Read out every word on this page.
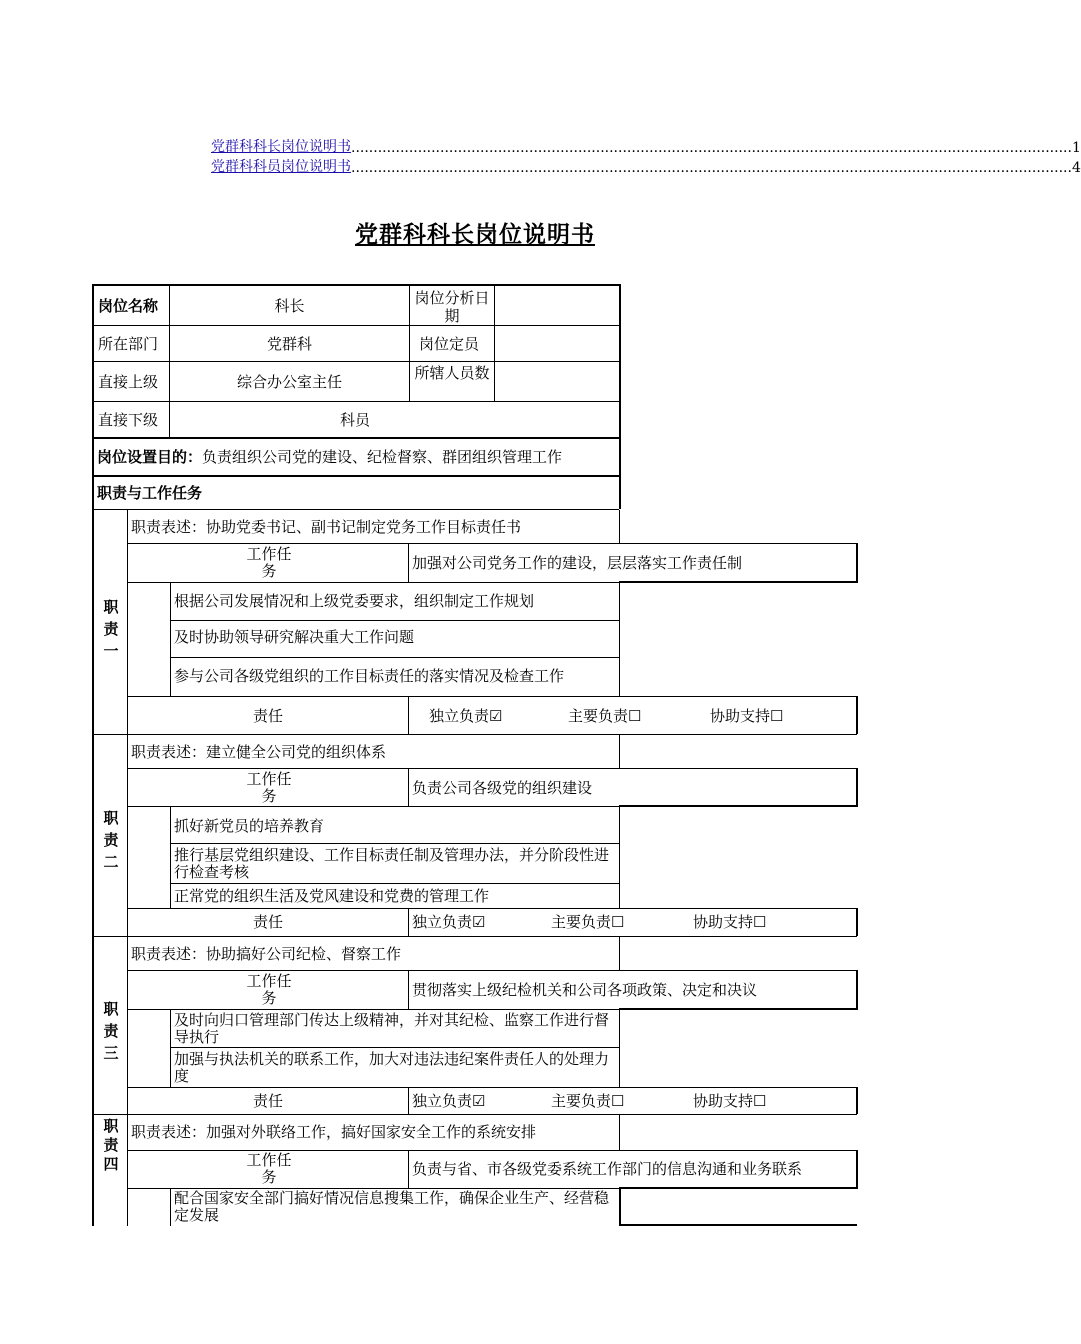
党群科科长岗位说明书 .................................................................................................................................................................. 1
党群科科员岗位说明书 .................................................................................................................................................................. 4
党群科科长岗位说明书
岗位名称	科长	岗位分析日期
所在部门	党群科	岗位定员
直接上级	综合办公室主任	所辖人员数
直接下级	科员
岗位设置目的：负责组织公司党的建设、纪检督察、群团组织管理工作
职责与工作任务
职责一
职责表述：协助党委书记、副书记制定党务工作目标责任书
工作任务	加强对公司党务工作的建设，层层落实工作责任制
根据公司发展情况和上级党委要求，组织制定工作规划
及时协助领导研究解决重大工作问题
参与公司各级党组织的工作目标责任的落实情况及检查工作
责任	独立负责☑	主要负责☐	协助支持☐
职责二
职责表述：建立健全公司党的组织体系
工作任务	负责公司各级党的组织建设
抓好新党员的培养教育
推行基层党组织建设、工作目标责任制及管理办法，并分阶段性进行检查考核
正常党的组织生活及党风建设和党费的管理工作
责任	独立负责☑	主要负责☐	协助支持☐
职责三
职责表述：协助搞好公司纪检、督察工作
工作任务	贯彻落实上级纪检机关和公司各项政策、决定和决议
及时向归口管理部门传达上级精神，并对其纪检、监察工作进行督导执行
加强与执法机关的联系工作，加大对违法违纪案件责任人的处理力度
责任	独立负责☑	主要负责☐	协助支持☐
职责四
职责表述：加强对外联络工作，搞好国家安全工作的系统安排
工作任务	负责与省、市各级党委系统工作部门的信息沟通和业务联系
配合国家安全部门搞好情况信息搜集工作，确保企业生产、经营稳定发展
